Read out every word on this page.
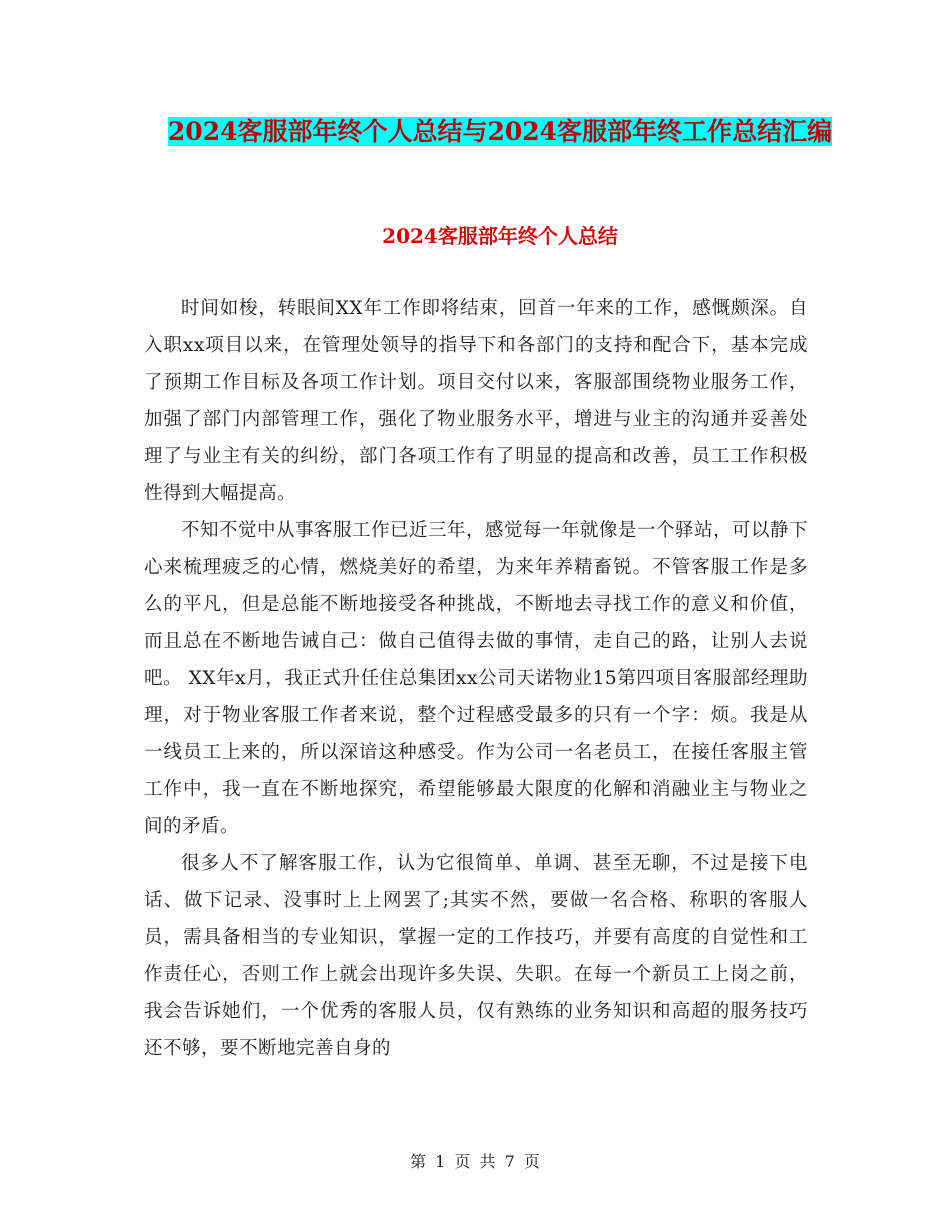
2024客服部年终个人总结与2024客服部年终工作总结汇编
2024客服部年终个人总结

时间如梭，转眼间XX年工作即将结束，回首一年来的工作，感慨颇深。自入职xx项目以来，在管理处领导的指导下和各部门的支持和配合下，基本完成了预期工作目标及各项工作计划。项目交付以来，客服部围绕物业服务工作，加强了部门内部管理工作，强化了物业服务水平，增进与业主的沟通并妥善处理了与业主有关的纠纷，部门各项工作有了明显的提高和改善，员工工作积极性得到大幅提高。

不知不觉中从事客服工作已近三年，感觉每一年就像是一个驿站，可以静下心来梳理疲乏的心情，燃烧美好的希望，为来年养精畜锐。不管客服工作是多么的平凡，但是总能不断地接受各种挑战，不断地去寻找工作的意义和价值，而且总在不断地告诫自己：做自己值得去做的事情，走自己的路，让别人去说吧。 XX年x月，我正式升任住总集团xx公司天诺物业15第四项目客服部经理助理，对于物业客服工作者来说，整个过程感受最多的只有一个字：烦。我是从一线员工上来的，所以深谙这种感受。作为公司一名老员工，在接任客服主管工作中，我一直在不断地探究，希望能够最大限度的化解和消融业主与物业之间的矛盾。

很多人不了解客服工作，认为它很简单、单调、甚至无聊，不过是接下电话、做下记录、没事时上上网罢了;其实不然，要做一名合格、称职的客服人员，需具备相当的专业知识，掌握一定的工作技巧，并要有高度的自觉性和工作责任心，否则工作上就会出现许多失误、失职。在每一个新员工上岗之前，我会告诉她们，一个优秀的客服人员，仅有熟练的业务知识和高超的服务技巧还不够，要不断地完善自身的

第 1 页 共 7 页
